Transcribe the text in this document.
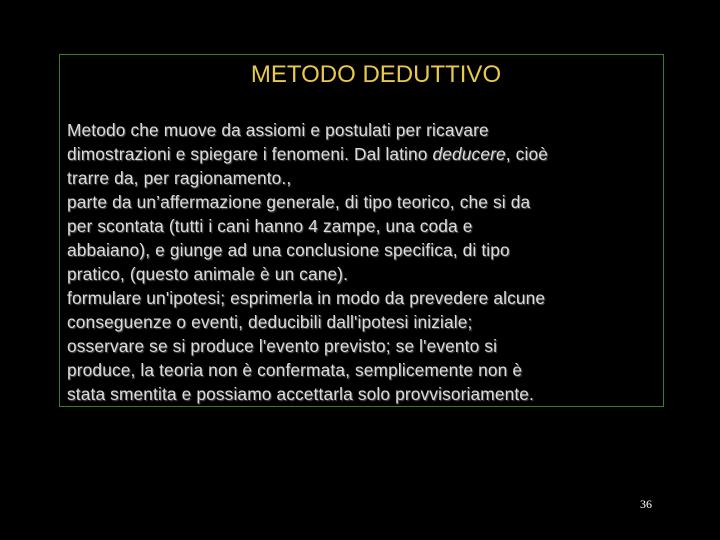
METODO DEDUTTIVO
Metodo che muove da assiomi e postulati per ricavare
dimostrazioni e spiegare i fenomeni. Dal latino deducere, cioè
trarre da, per ragionamento.,
parte da un’affermazione generale, di tipo teorico, che si da
per scontata (tutti i cani hanno 4 zampe, una coda e
abbaiano), e giunge ad una conclusione specifica, di tipo
pratico, (questo animale è un cane).
formulare un'ipotesi; esprimerla in modo da prevedere alcune
conseguenze o eventi, deducibili dall'ipotesi iniziale;
osservare se si produce l'evento previsto; se l'evento si
produce, la teoria non è confermata, semplicemente non è
stata smentita e possiamo accettarla solo provvisoriamente.
36
